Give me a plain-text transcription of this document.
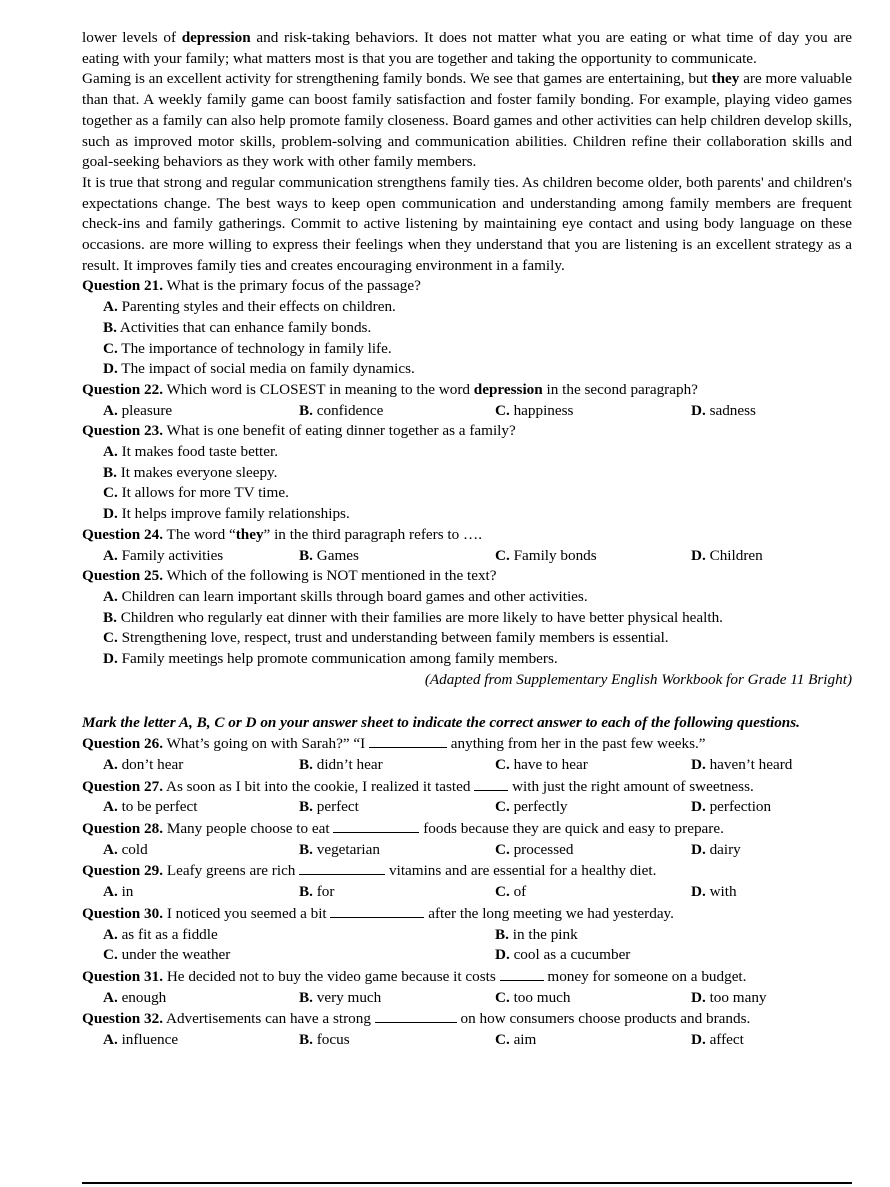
lower levels of depression and risk-taking behaviors. It does not matter what you are eating or what time of day you are eating with your family; what matters most is that you are together and taking the opportunity to communicate.

Gaming is an excellent activity for strengthening family bonds. We see that games are entertaining, but they are more valuable than that. A weekly family game can boost family satisfaction and foster family bonding. For example, playing video games together as a family can also help promote family closeness. Board games and other activities can help children develop skills, such as improved motor skills, problem-solving and communication abilities. Children refine their collaboration skills and goal-seeking behaviors as they work with other family members.

It is true that strong and regular communication strengthens family ties. As children become older, both parents' and children's expectations change. The best ways to keep open communication and understanding among family members are frequent check-ins and family gatherings. Commit to active listening by maintaining eye contact and using body language on these occasions. are more willing to express their feelings when they understand that you are listening is an excellent strategy as a result. It improves family ties and creates encouraging environment in a family.

Question 21. What is the primary focus of the passage?

A. Parenting styles and their effects on children.

B. Activities that can enhance family bonds.

C. The importance of technology in family life.

D. The impact of social media on family dynamics.

Question 22. Which word is CLOSEST in meaning to the word depression in the second paragraph?

A. pleasure	B. confidence	C. happiness	D. sadness

Question 23. What is one benefit of eating dinner together as a family?

A. It makes food taste better.

B. It makes everyone sleepy.

C. It allows for more TV time.

D. It helps improve family relationships.

Question 24. The word “they” in the third paragraph refers to ….

A. Family activities	B. Games	C. Family bonds	D. Children

Question 25. Which of the following is NOT mentioned in the text?

A. Children can learn important skills through board games and other activities.

B. Children who regularly eat dinner with their families are more likely to have better physical health.

C. Strengthening love, respect, trust and understanding between family members is essential.

D. Family meetings help promote communication among family members.

(Adapted from Supplementary English Workbook for Grade 11 Bright)

Mark the letter A, B, C or D on your answer sheet to indicate the correct answer to each of the following questions.

Question 26. What’s going on with Sarah?” “I	anything from her in the past few weeks.”

A. don’t hear	B. didn’t hear	C. have to hear	D. haven’t heard

Question 27. As soon as I bit into the cookie, I realized it tasted  with just the right amount of sweetness.

A. to be perfect	B. perfect	C. perfectly	D. perfection

Question 28. Many people choose to eat	foods because they are quick and easy to prepare.

A. cold	B. vegetarian	C. processed	D. dairy

Question 29. Leafy greens are rich	vitamins and are essential for a healthy diet.

A. in	B. for	C. of	D. with

Question 30. I noticed you seemed a bit	after the long meeting we had yesterday.

A. as fit as a fiddle	B. in the pink
C. under the weather	D. cool as a cucumber

Question 31. He decided not to buy the video game because it costs	money for someone on a budget.

A. enough	B. very much	C. too much	D. too many

Question 32. Advertisements can have a strong	on how consumers choose products and brands.

A. influence	B. focus	C. aim	D. affect
